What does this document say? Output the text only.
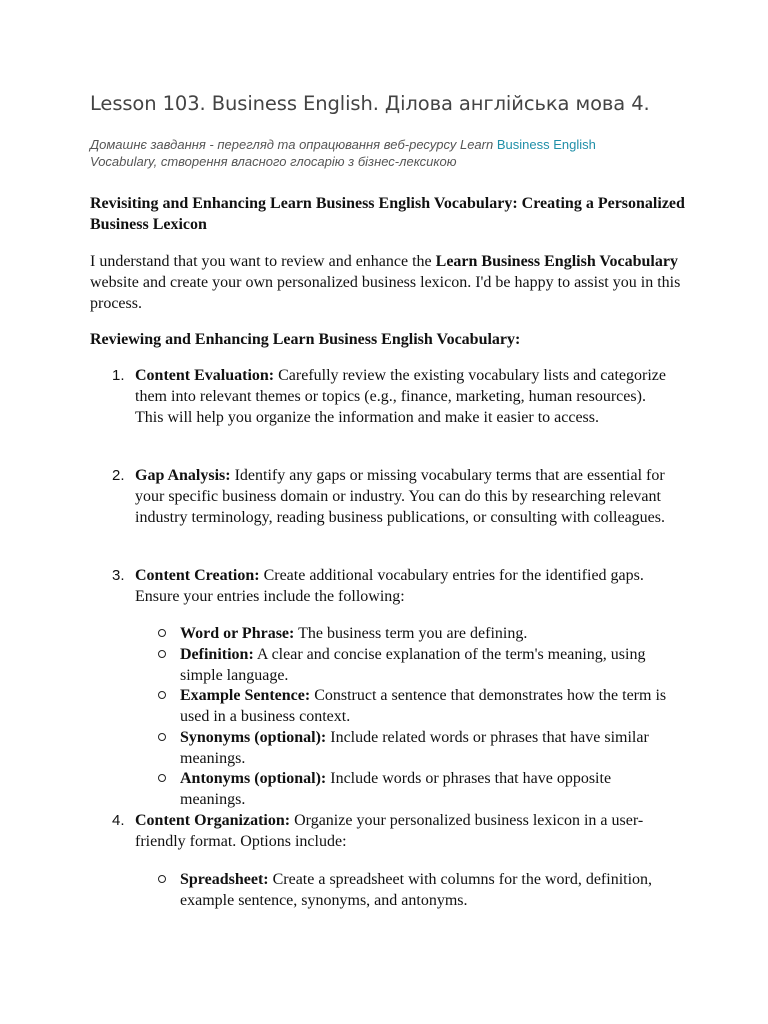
Lesson 103. Business English. Ділова англійська мова 4.

Домашнє завдання - перегляд та опрацювання веб-ресурсу Learn Business English Vocabulary, створення власного глосарію з бізнес-лексикою

Revisiting and Enhancing Learn Business English Vocabulary: Creating a Personalized Business Lexicon

I understand that you want to review and enhance the Learn Business English Vocabulary website and create your own personalized business lexicon. I'd be happy to assist you in this process.

Reviewing and Enhancing Learn Business English Vocabulary:

1. Content Evaluation: Carefully review the existing vocabulary lists and categorize them into relevant themes or topics (e.g., finance, marketing, human resources). This will help you organize the information and make it easier to access.

2. Gap Analysis: Identify any gaps or missing vocabulary terms that are essential for your specific business domain or industry. You can do this by researching relevant industry terminology, reading business publications, or consulting with colleagues.

3. Content Creation: Create additional vocabulary entries for the identified gaps. Ensure your entries include the following:

Word or Phrase: The business term you are defining.

Definition: A clear and concise explanation of the term's meaning, using simple language.

Example Sentence: Construct a sentence that demonstrates how the term is used in a business context.

Synonyms (optional): Include related words or phrases that have similar meanings.

Antonyms (optional): Include words or phrases that have opposite meanings.

4. Content Organization: Organize your personalized business lexicon in a user-friendly format. Options include:

Spreadsheet: Create a spreadsheet with columns for the word, definition, example sentence, synonyms, and antonyms.
